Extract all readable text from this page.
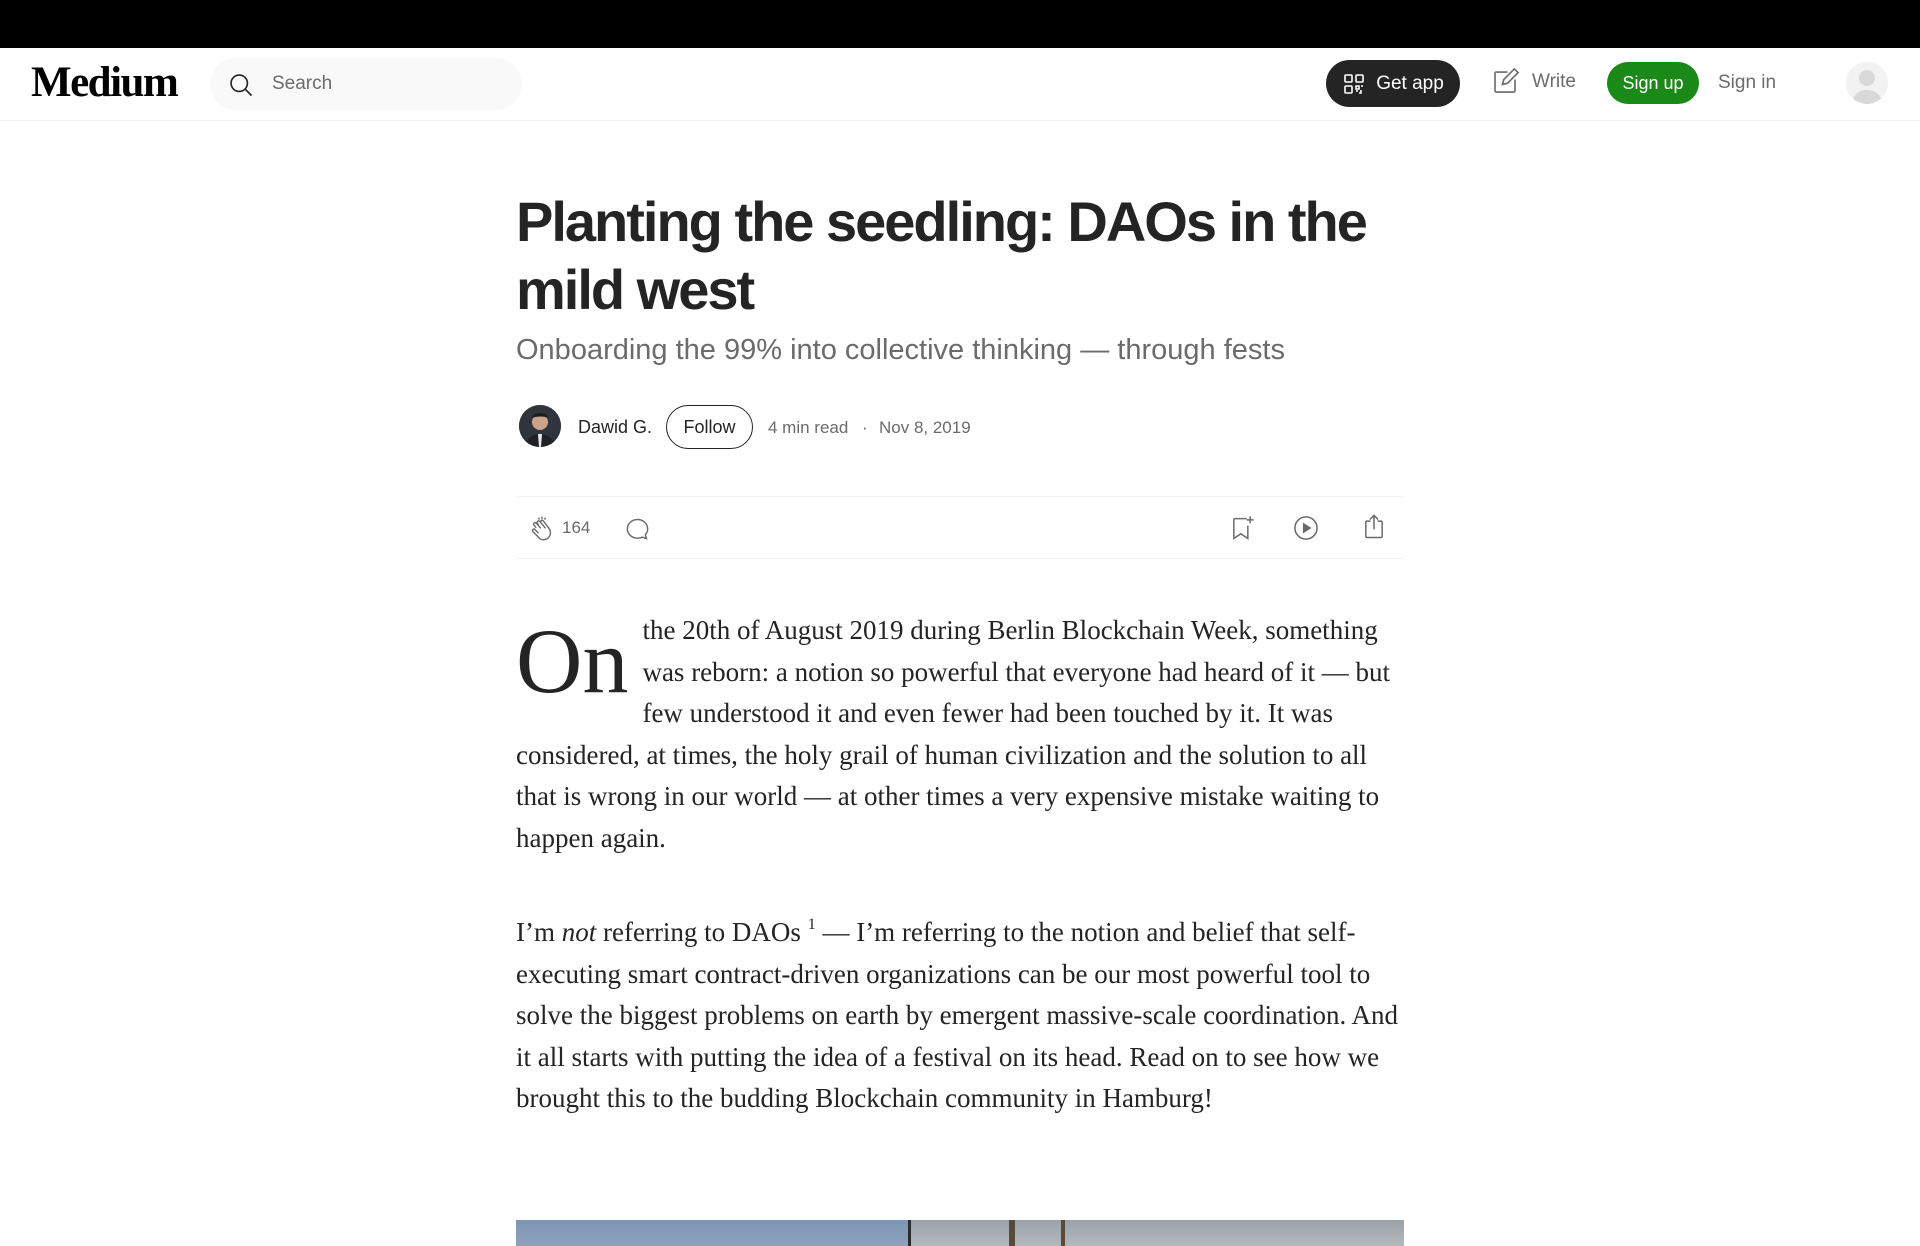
Medium
Search	Get app	Write	Sign up	Sign in
Planting the seedling: DAOs in the mild west
Onboarding the 99% into collective thinking — through fests
Dawid G.	Follow	4 min read · Nov 8, 2019
164

On the 20th of August 2019 during Berlin Blockchain Week, something was reborn: a notion so powerful that everyone had heard of it — but few understood it and even fewer had been touched by it. It was considered, at times, the holy grail of human civilization and the solution to all that is wrong in our world — at other times a very expensive mistake waiting to happen again.

I’m not referring to DAOs $^1$ — I’m referring to the notion and belief that self-executing smart contract-driven organizations can be our most powerful tool to solve the biggest problems on earth by emergent massive-scale coordination. And it all starts with putting the idea of a festival on its head. Read on to see how we brought this to the budding Blockchain community in Hamburg!
